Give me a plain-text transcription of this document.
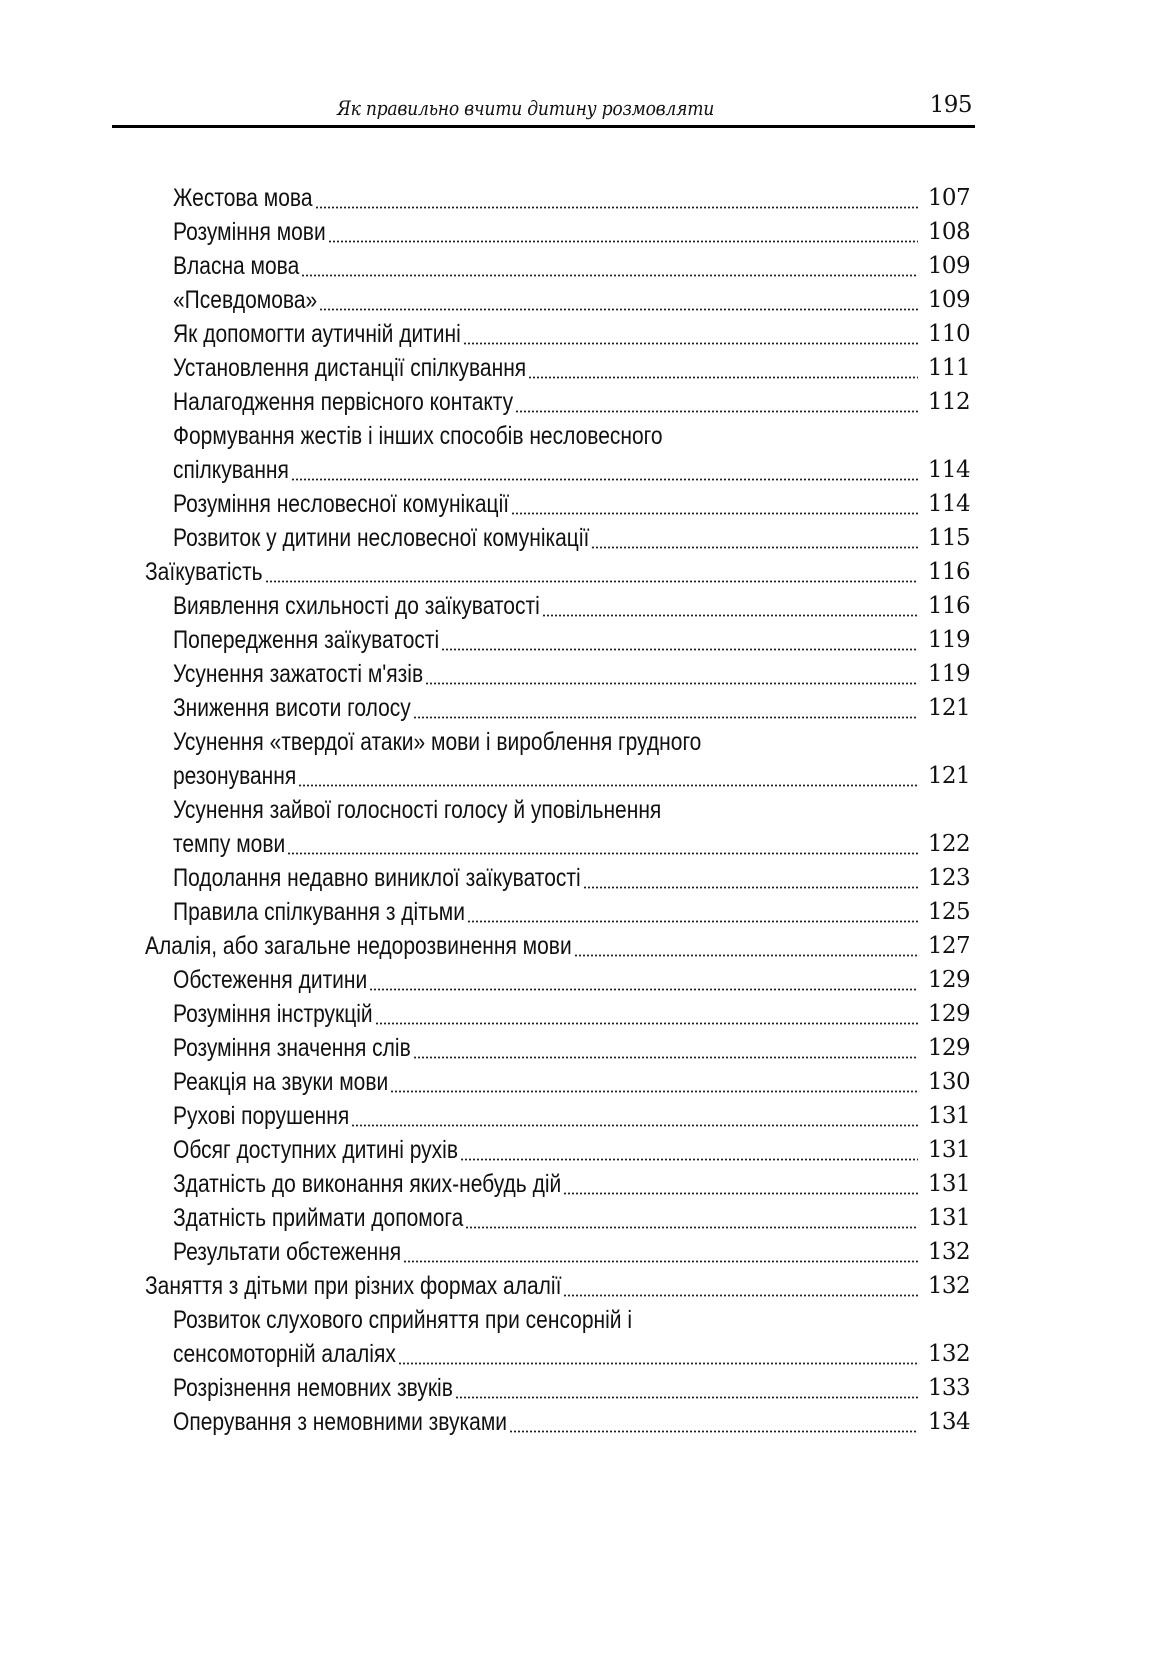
Як правильно вчити дитину розмовляти	195
Жестова мова	107
Розуміння мови	108
Власна мова	109
«Псевдомова»	109
Як допомогти аутичній дитині	110
Установлення дистанції спілкування	111
Налагодження первісного контакту	112
Формування жестів і інших способів несловесного
спілкування	114
Розуміння несловесної комунікації	114
Розвиток у дитини несловесної комунікації	115
Заїкуватість	116
Виявлення схильності до заїкуватості	116
Попередження заїкуватості	119
Усунення зажатості м'язів	119
Зниження висоти голосу	121
Усунення «твердої атаки» мови і вироблення грудного
резонування	121
Усунення зайвої голосності голосу й уповільнення
темпу мови	122
Подолання недавно виниклої заїкуватості	123
Правила спілкування з дітьми	125
Алалія, або загальне недорозвинення мови	127
Обстеження дитини	129
Розуміння інструкцій	129
Розуміння значення слів	129
Реакція на звуки мови	130
Рухові порушення	131
Обсяг доступних дитині рухів	131
Здатність до виконання яких-небудь дій	131
Здатність приймати допомога	131
Результати обстеження	132
Заняття з дітьми при різних формах алалії	132
Розвиток слухового сприйняття при сенсорній і
сенсомоторній алаліях	132
Розрізнення немовних звуків	133
Оперування з немовними звуками	134
